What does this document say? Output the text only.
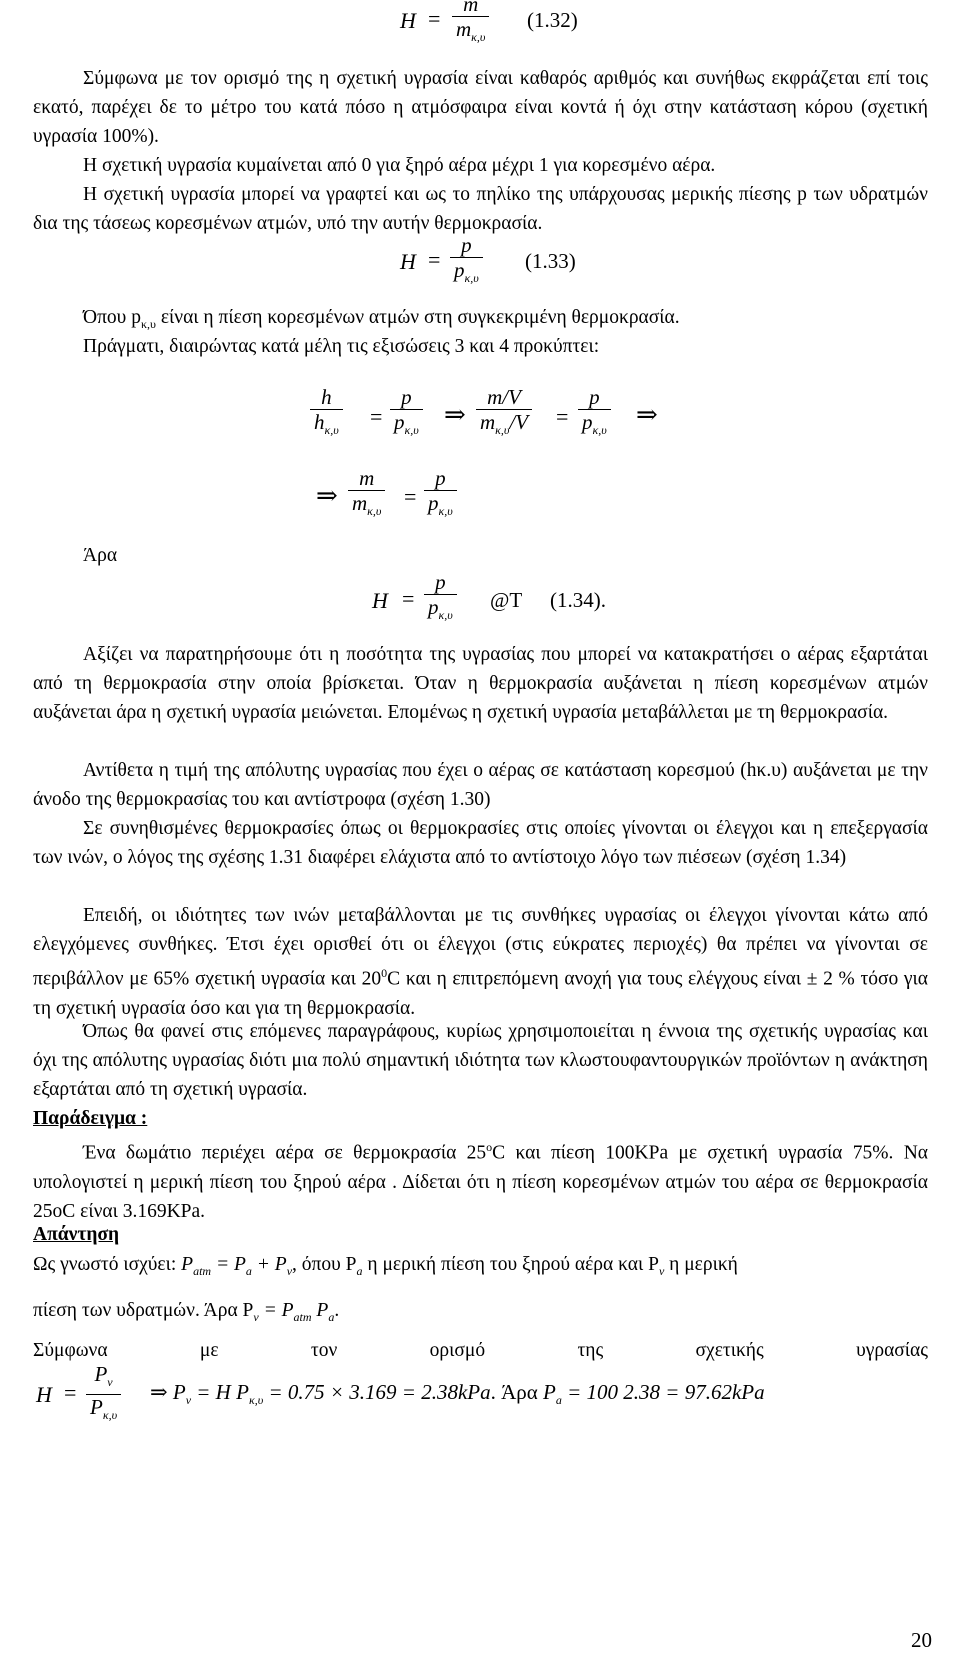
H =
m
$m_{\kappa,\upsilon}$
(1.32)
Σύμφωνα με τον ορισμό της η σχετική υγρασία είναι καθαρός αριθμός και συνήθως εκφράζεται επί τοις εκατό, παρέχει δε το μέτρο του κατά πόσο η ατμόσφαιρα είναι κοντά ή όχι στην κατάσταση κόρου (σχετική υγρασία 100%).
Η σχετική υγρασία κυμαίνεται από 0 για ξηρό αέρα μέχρι 1 για κορεσμένο αέρα.
Η σχετική υγρασία μπορεί να γραφτεί και ως το πηλίκο της υπάρχουσας μερικής πίεσης p των υδρατμών δια της τάσεως κορεσμένων ατμών, υπό την αυτήν θερμοκρασία.
H =
p
$p_{\kappa,\upsilon}$
(1.33)
Όπου $p_{\kappa,\upsilon}$ είναι η πίεση κορεσμένων ατμών στη συγκεκριμένη θερμοκρασία.
Πράγματι, διαιρώντας κατά μέλη τις εξισώσεις 3 και 4 προκύπτει:
h
$h_{\kappa,\upsilon}$
=
p
$p_{\kappa,\upsilon}$
⇒
m/V
$m_{\kappa,\upsilon}/V$ =
p
$p_{\kappa,\upsilon}$
⇒
⇒
m
$m_{\kappa,\upsilon}$
=
p
$p_{\kappa,\upsilon}$
Άρα
H =
p
$p_{\kappa,\upsilon}$
@T (1.34).
Αξίζει να παρατηρήσουμε ότι η ποσότητα της υγρασίας που μπορεί να κατακρατήσει ο αέρας εξαρτάται από τη θερμοκρασία στην οποία βρίσκεται. Όταν η θερμοκρασία αυξάνεται η πίεση κορεσμένων ατμών αυξάνεται άρα η σχετική υγρασία μειώνεται. Επομένως η σχετική υγρασία μεταβάλλεται με τη θερμοκρασία.
Αντίθετα η τιμή της απόλυτης υγρασίας που έχει ο αέρας σε κατάσταση κορεσμού (hκ.υ) αυξάνεται με την άνοδο της θερμοκρασίας του και αντίστροφα (σχέση 1.30)
Σε συνηθισμένες θερμοκρασίες όπως οι θερμοκρασίες στις οποίες γίνονται οι έλεγχοι και η επεξεργασία των ινών, ο λόγος της σχέσης 1.31 διαφέρει ελάχιστα από το αντίστοιχο λόγο των πιέσεων (σχέση 1.34)
Επειδή, οι ιδιότητες των ινών μεταβάλλονται με τις συνθήκες υγρασίας οι έλεγχοι γίνονται κάτω από ελεγχόμενες συνθήκες. Έτσι έχει ορισθεί ότι οι έλεγχοι (στις εύκρατες περιοχές) θα πρέπει να γίνονται σε περιβάλλον με 65% σχετική υγρασία και $20^0C$ και η επιτρεπόμενη ανοχή για τους ελέγχους είναι ± 2 % τόσο για τη σχετική υγρασία όσο και για τη θερμοκρασία.
Όπως θα φανεί στις επόμενες παραγράφους, κυρίως χρησιμοποιείται η έννοια της σχετικής υγρασίας και όχι της απόλυτης υγρασίας διότι μια πολύ σημαντική ιδιότητα των κλωστουφαντουργικών προϊόντων η ανάκτηση εξαρτάται από τη σχετική υγρασία.
Παράδειγμα :
Ένα δωμάτιο περιέχει αέρα σε θερμοκρασία 25$^o$C και πίεση 100KPa με σχετική υγρασία 75%. Να υπολογιστεί η μερική πίεση του ξηρού αέρα . Δίδεται ότι η πίεση κορεσμένων ατμών του αέρα σε θερμοκρασία 25oC είναι 3.169KPa.
Απάντηση
Ως γνωστό ισχύει: $P_{atm} = P_a + P_v$, όπου $P_a$ η μερική πίεση του ξηρού αέρα και $P_v$ η μερική
πίεση των υδρατμών. Άρα $P_v = P_{atm}$ $P_a$.
Σύμφωνα με τον ορισμό της σχετικής υγρασίας
H =
$P_v$
$P_{\kappa,\upsilon}$
⇒ $P_v = H$ $P_{\kappa,\upsilon} = 0.75 \times 3.169 = 2.38kPa$. Άρα $P_a = 100$ 2.38 = 97.62kPa
20
